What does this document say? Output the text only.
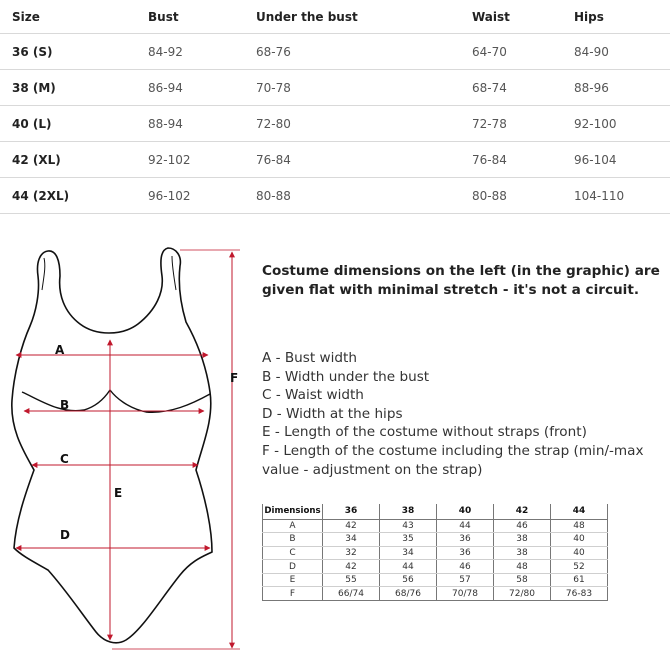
Size	Bust	Under the bust	Waist	Hips
36 (S)	84-92	68-76	64-70	84-90
38 (M)	86-94	70-78	68-74	88-96
40 (L)	88-94	72-80	72-78	92-100
42 (XL)	92-102	76-84	76-84	96-104
44 (2XL)	96-102	80-88	80-88	104-110
A
B
C
D
E
F
Costume dimensions on the left (in the graphic) are given flat with minimal stretch - it's not a circuit.
A - Bust width
B - Width under the bust
C - Waist width
D - Width at the hips
E - Length of the costume without straps (front)
F - Length of the costume including the strap (min/-max value - adjustment on the strap)
Dimensions	36	38	40	42	44
A	42	43	44	46	48
B	34	35	36	38	40
C	32	34	36	38	40
D	42	44	46	48	52
E	55	56	57	58	61
F	66/74	68/76	70/78	72/80	76-83
